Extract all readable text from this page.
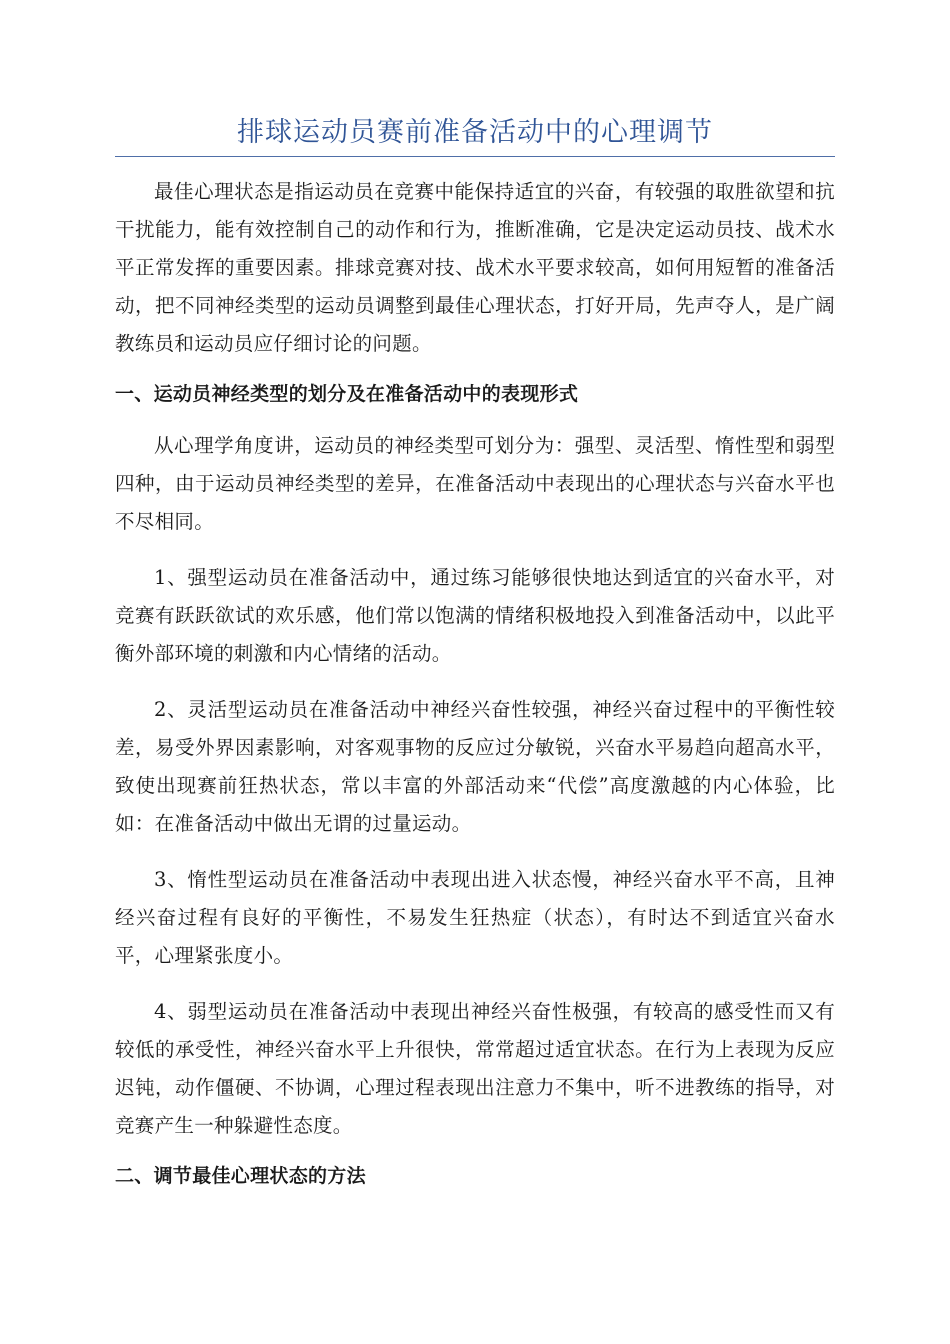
排球运动员赛前准备活动中的心理调节

最佳心理状态是指运动员在竞赛中能保持适宜的兴奋，有较强的取胜欲望和抗干扰能力，能有效控制自己的动作和行为，推断准确，它是决定运动员技、战术水平正常发挥的重要因素。排球竞赛对技、战术水平要求较高，如何用短暂的准备活动，把不同神经类型的运动员调整到最佳心理状态，打好开局，先声夺人，是广阔教练员和运动员应仔细讨论的问题。

一、运动员神经类型的划分及在准备活动中的表现形式

从心理学角度讲，运动员的神经类型可划分为：强型、灵活型、惰性型和弱型四种，由于运动员神经类型的差异，在准备活动中表现出的心理状态与兴奋水平也不尽相同。

1、强型运动员在准备活动中，通过练习能够很快地达到适宜的兴奋水平，对竞赛有跃跃欲试的欢乐感，他们常以饱满的情绪积极地投入到准备活动中，以此平衡外部环境的刺激和内心情绪的活动。

2、灵活型运动员在准备活动中神经兴奋性较强，神经兴奋过程中的平衡性较差，易受外界因素影响，对客观事物的反应过分敏锐，兴奋水平易趋向超高水平，致使出现赛前狂热状态，常以丰富的外部活动来“代偿”高度激越的内心体验，比如：在准备活动中做出无谓的过量运动。

3、惰性型运动员在准备活动中表现出进入状态慢，神经兴奋水平不高，且神经兴奋过程有良好的平衡性，不易发生狂热症（状态），有时达不到适宜兴奋水平，心理紧张度小。

4、弱型运动员在准备活动中表现出神经兴奋性极强，有较高的感受性而又有较低的承受性，神经兴奋水平上升很快，常常超过适宜状态。在行为上表现为反应迟钝，动作僵硬、不协调，心理过程表现出注意力不集中，听不进教练的指导，对竞赛产生一种躲避性态度。

二、调节最佳心理状态的方法
